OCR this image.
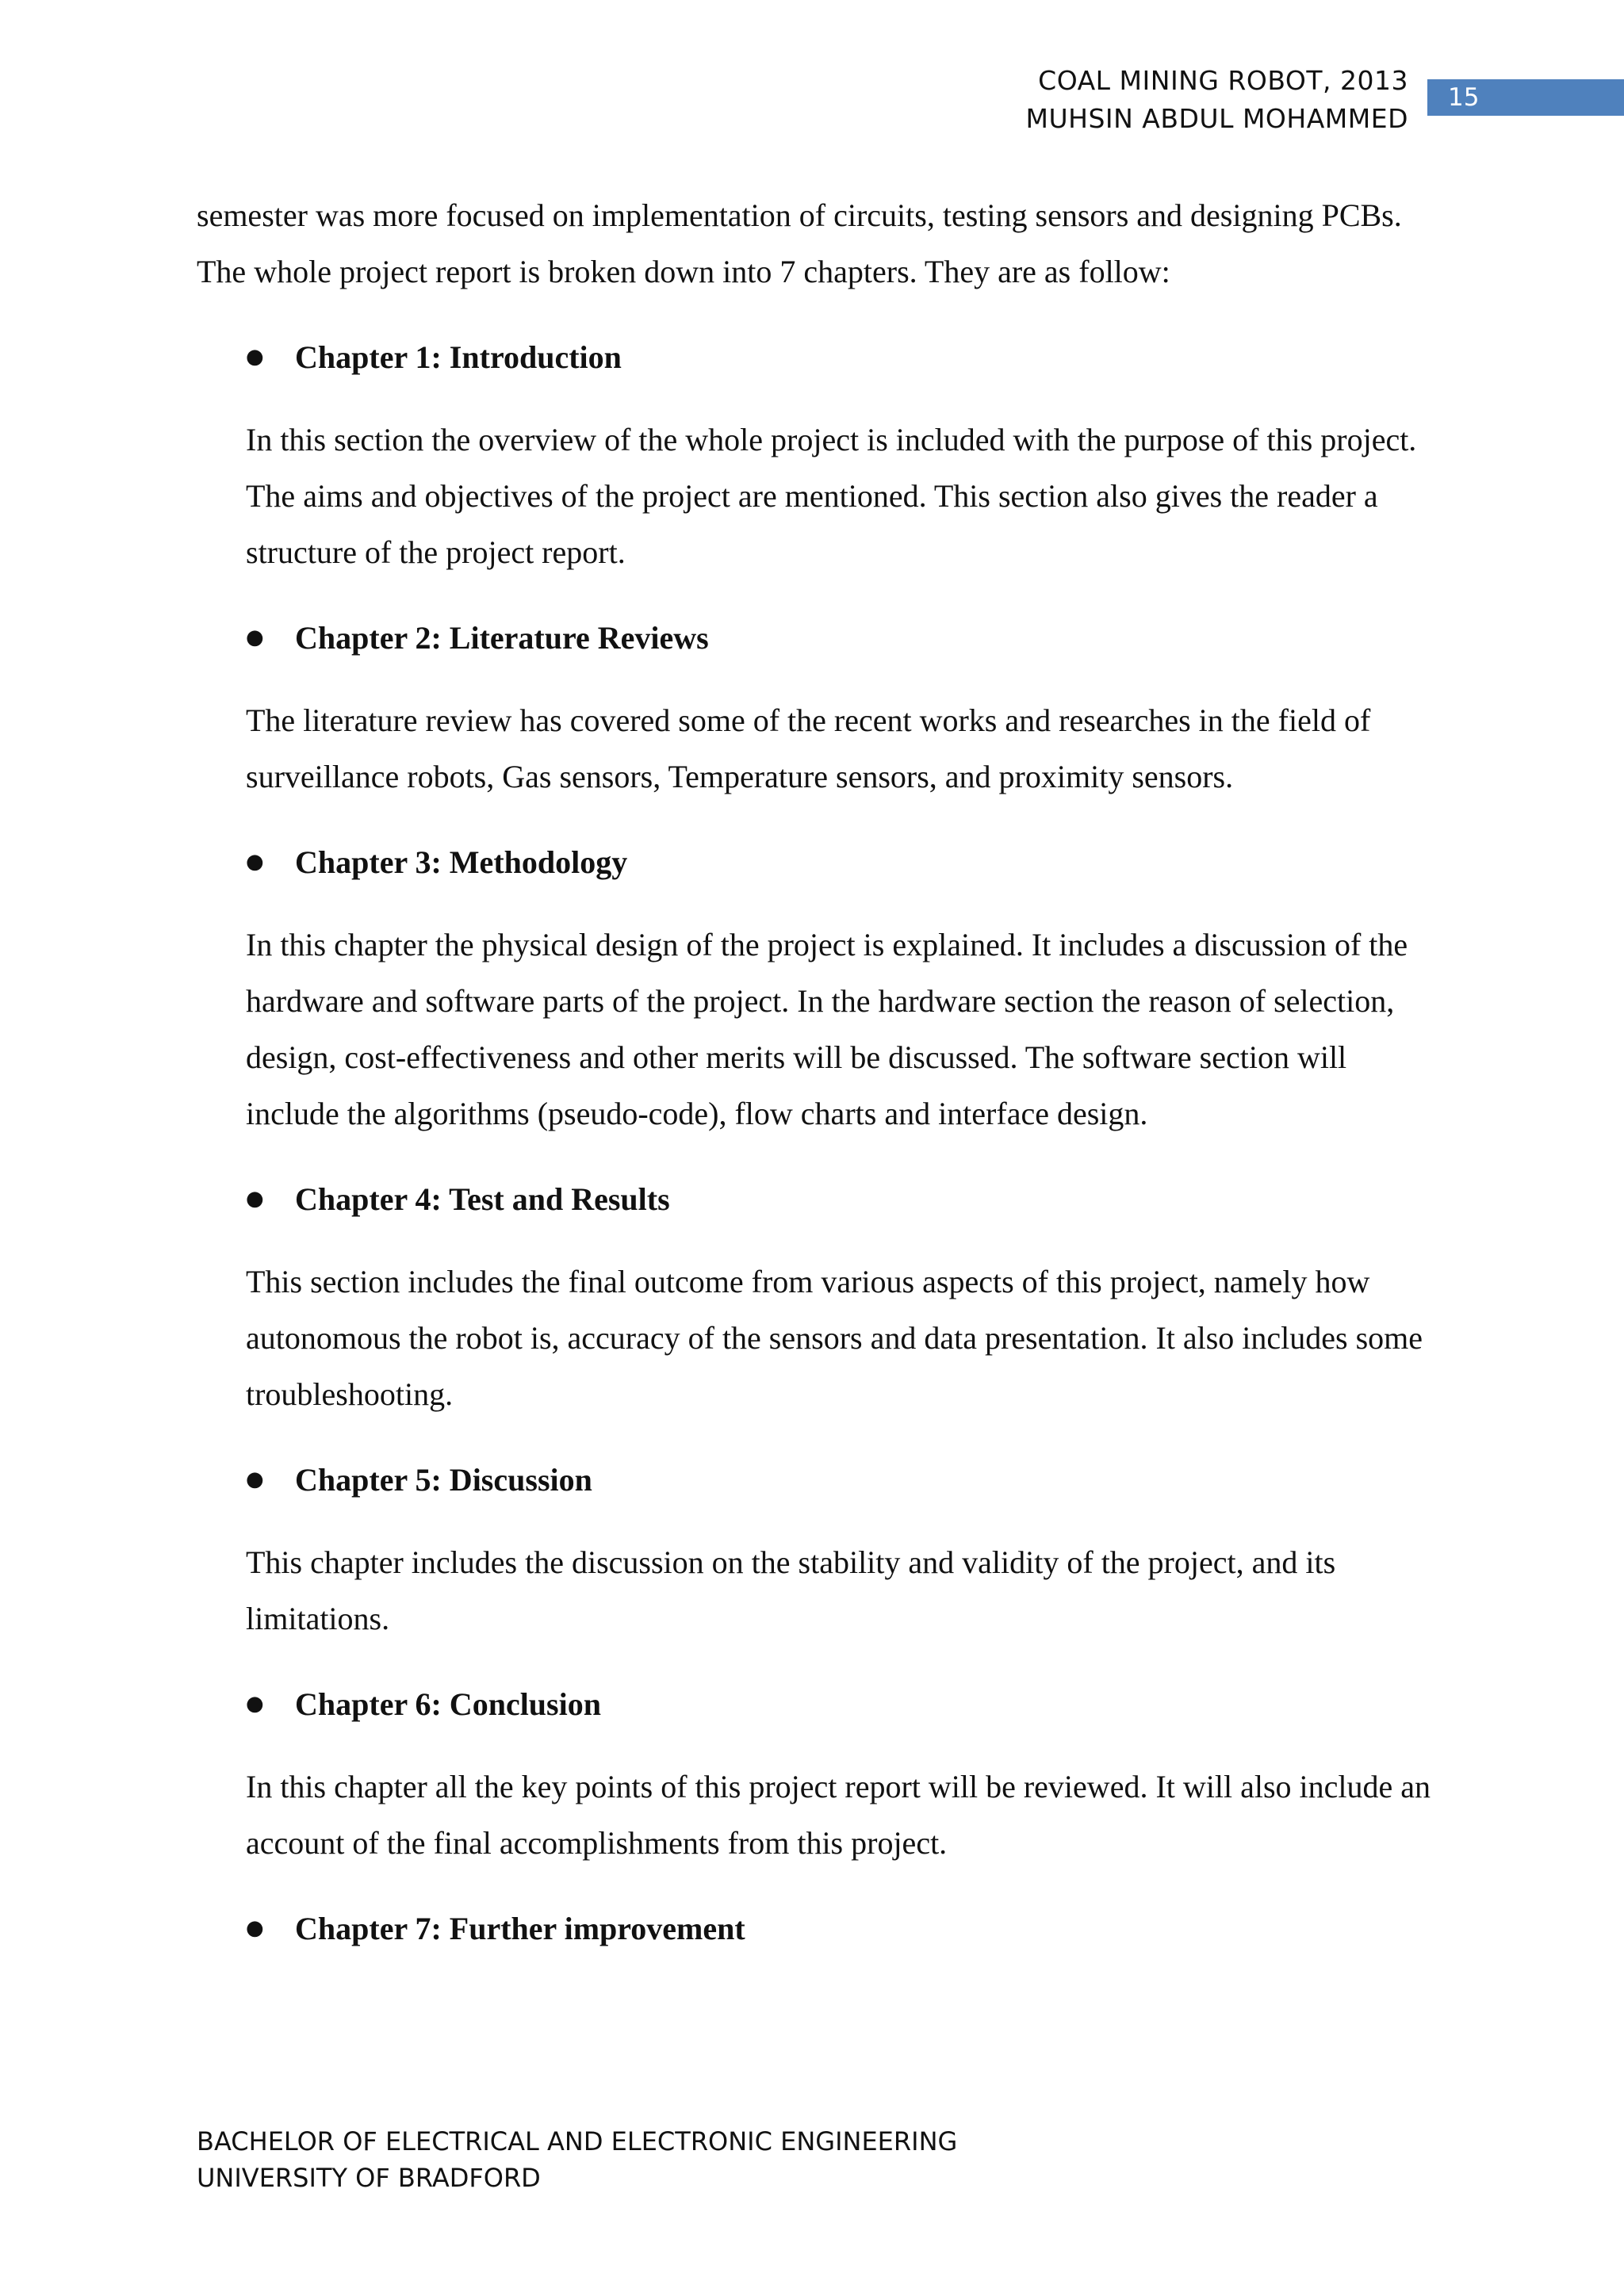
COAL MINING ROBOT, 2013
MUHSIN ABDUL MOHAMMED
15

semester was more focused on implementation of circuits, testing sensors and designing PCBs. The whole project report is broken down into 7 chapters. They are as follow:

● Chapter 1: Introduction

In this section the overview of the whole project is included with the purpose of this project. The aims and objectives of the project are mentioned. This section also gives the reader a structure of the project report.

● Chapter 2: Literature Reviews

The literature review has covered some of the recent works and researches in the field of surveillance robots, Gas sensors, Temperature sensors, and proximity sensors.

● Chapter 3: Methodology

In this chapter the physical design of the project is explained. It includes a discussion of the hardware and software parts of the project. In the hardware section the reason of selection, design, cost-effectiveness and other merits will be discussed. The software section will include the algorithms (pseudo-code), flow charts and interface design.

● Chapter 4: Test and Results

This section includes the final outcome from various aspects of this project, namely how autonomous the robot is, accuracy of the sensors and data presentation. It also includes some troubleshooting.

● Chapter 5: Discussion

This chapter includes the discussion on the stability and validity of the project, and its limitations.

● Chapter 6: Conclusion

In this chapter all the key points of this project report will be reviewed. It will also include an account of the final accomplishments from this project.

● Chapter 7: Further improvement
BACHELOR OF ELECTRICAL AND ELECTRONIC ENGINEERING
UNIVERSITY OF BRADFORD
